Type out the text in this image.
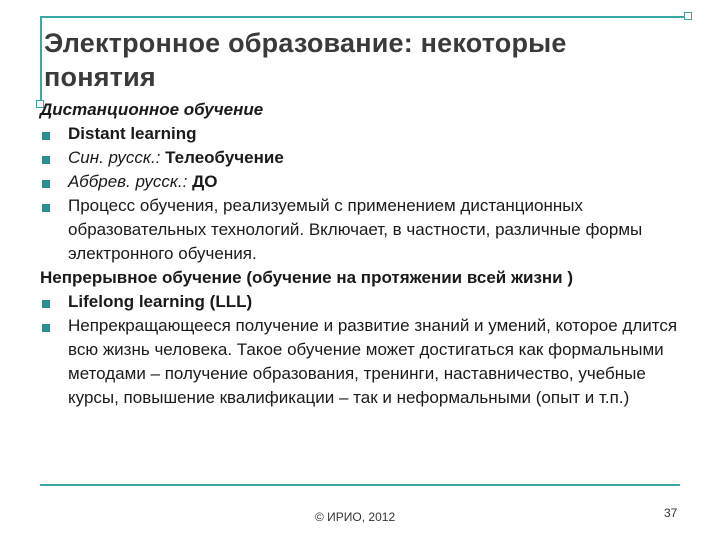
Электронное образование: некоторые понятия
Дистанционное обучение
Distant learning
Син. русск.: Телеобучение
Аббрев. русск.: ДО
Процесс обучения, реализуемый с применением дистанционных образовательных технологий. Включает, в частности, различные формы электронного обучения.
Непрерывное обучение (обучение на протяжении всей жизни )
Lifelong learning (LLL)
Непрекращающееся получение и развитие знаний и умений, которое длится всю жизнь человека. Такое обучение может достигаться как формальными методами – получение образования, тренинги, наставничество, учебные курсы, повышение квалификации – так и неформальными (опыт и т.п.)
© ИРИО, 2012	37
